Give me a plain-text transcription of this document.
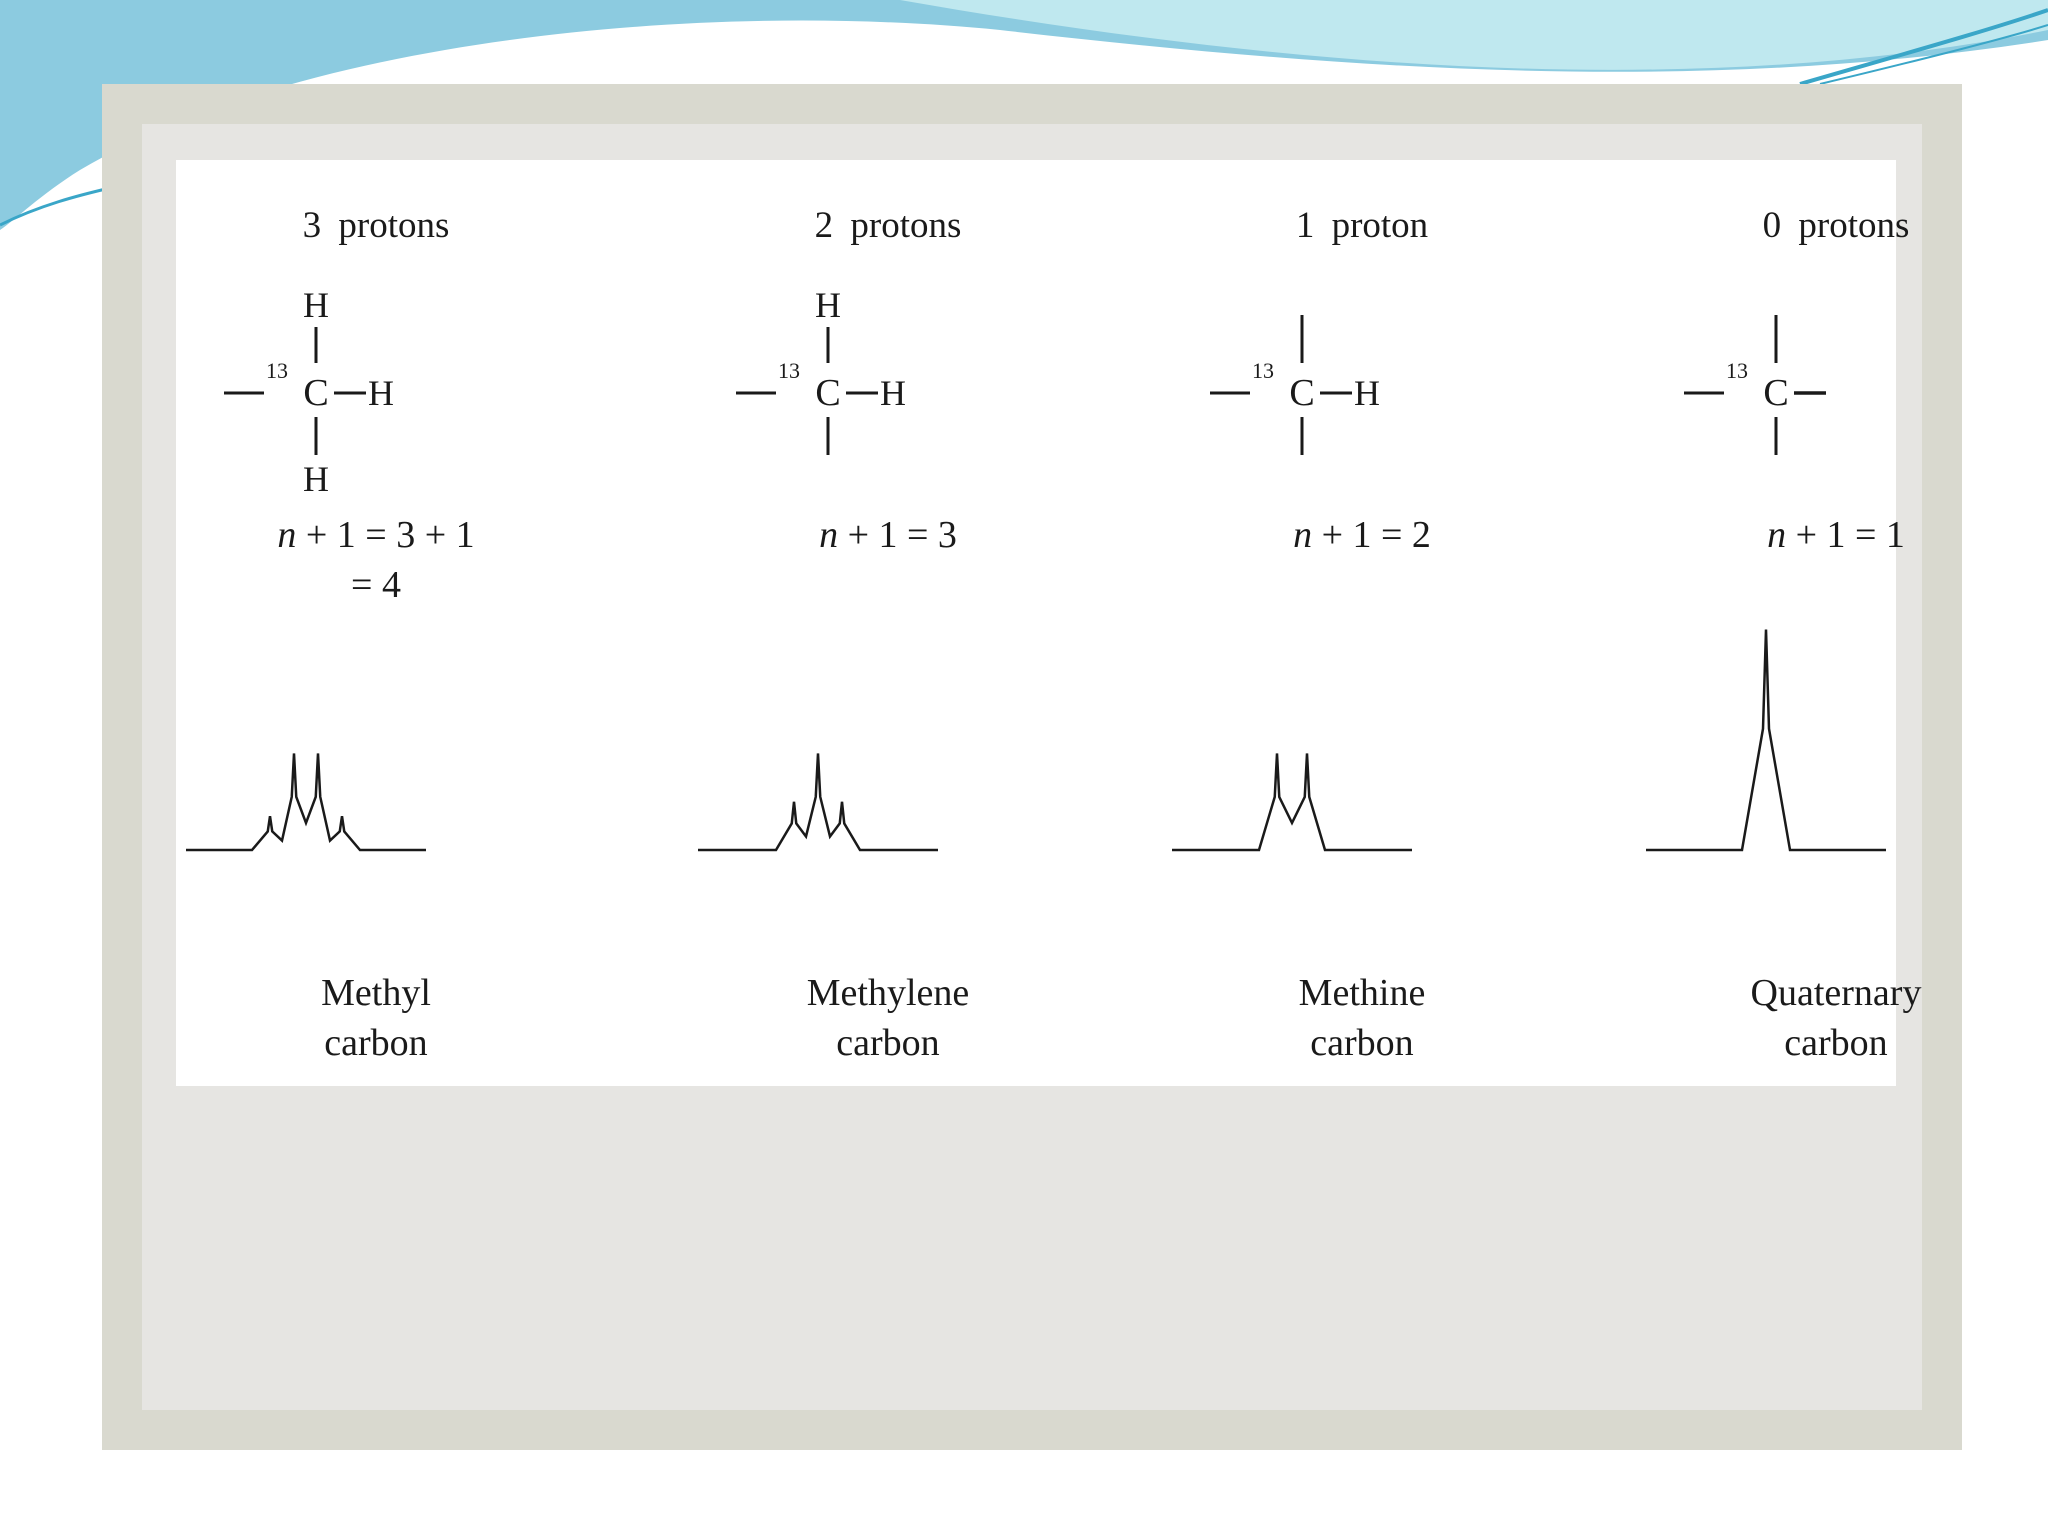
3 protons
H
13
C H
H
n + 1 = 3 + 1
= 4
Methyl
carbon
2 protons
H
13
C H
n + 1 = 3
Methylene
carbon
1 proton
13
C H
n + 1 = 2
Methine
carbon
0 protons
13
C
n + 1 = 1
Quaternary
carbon
